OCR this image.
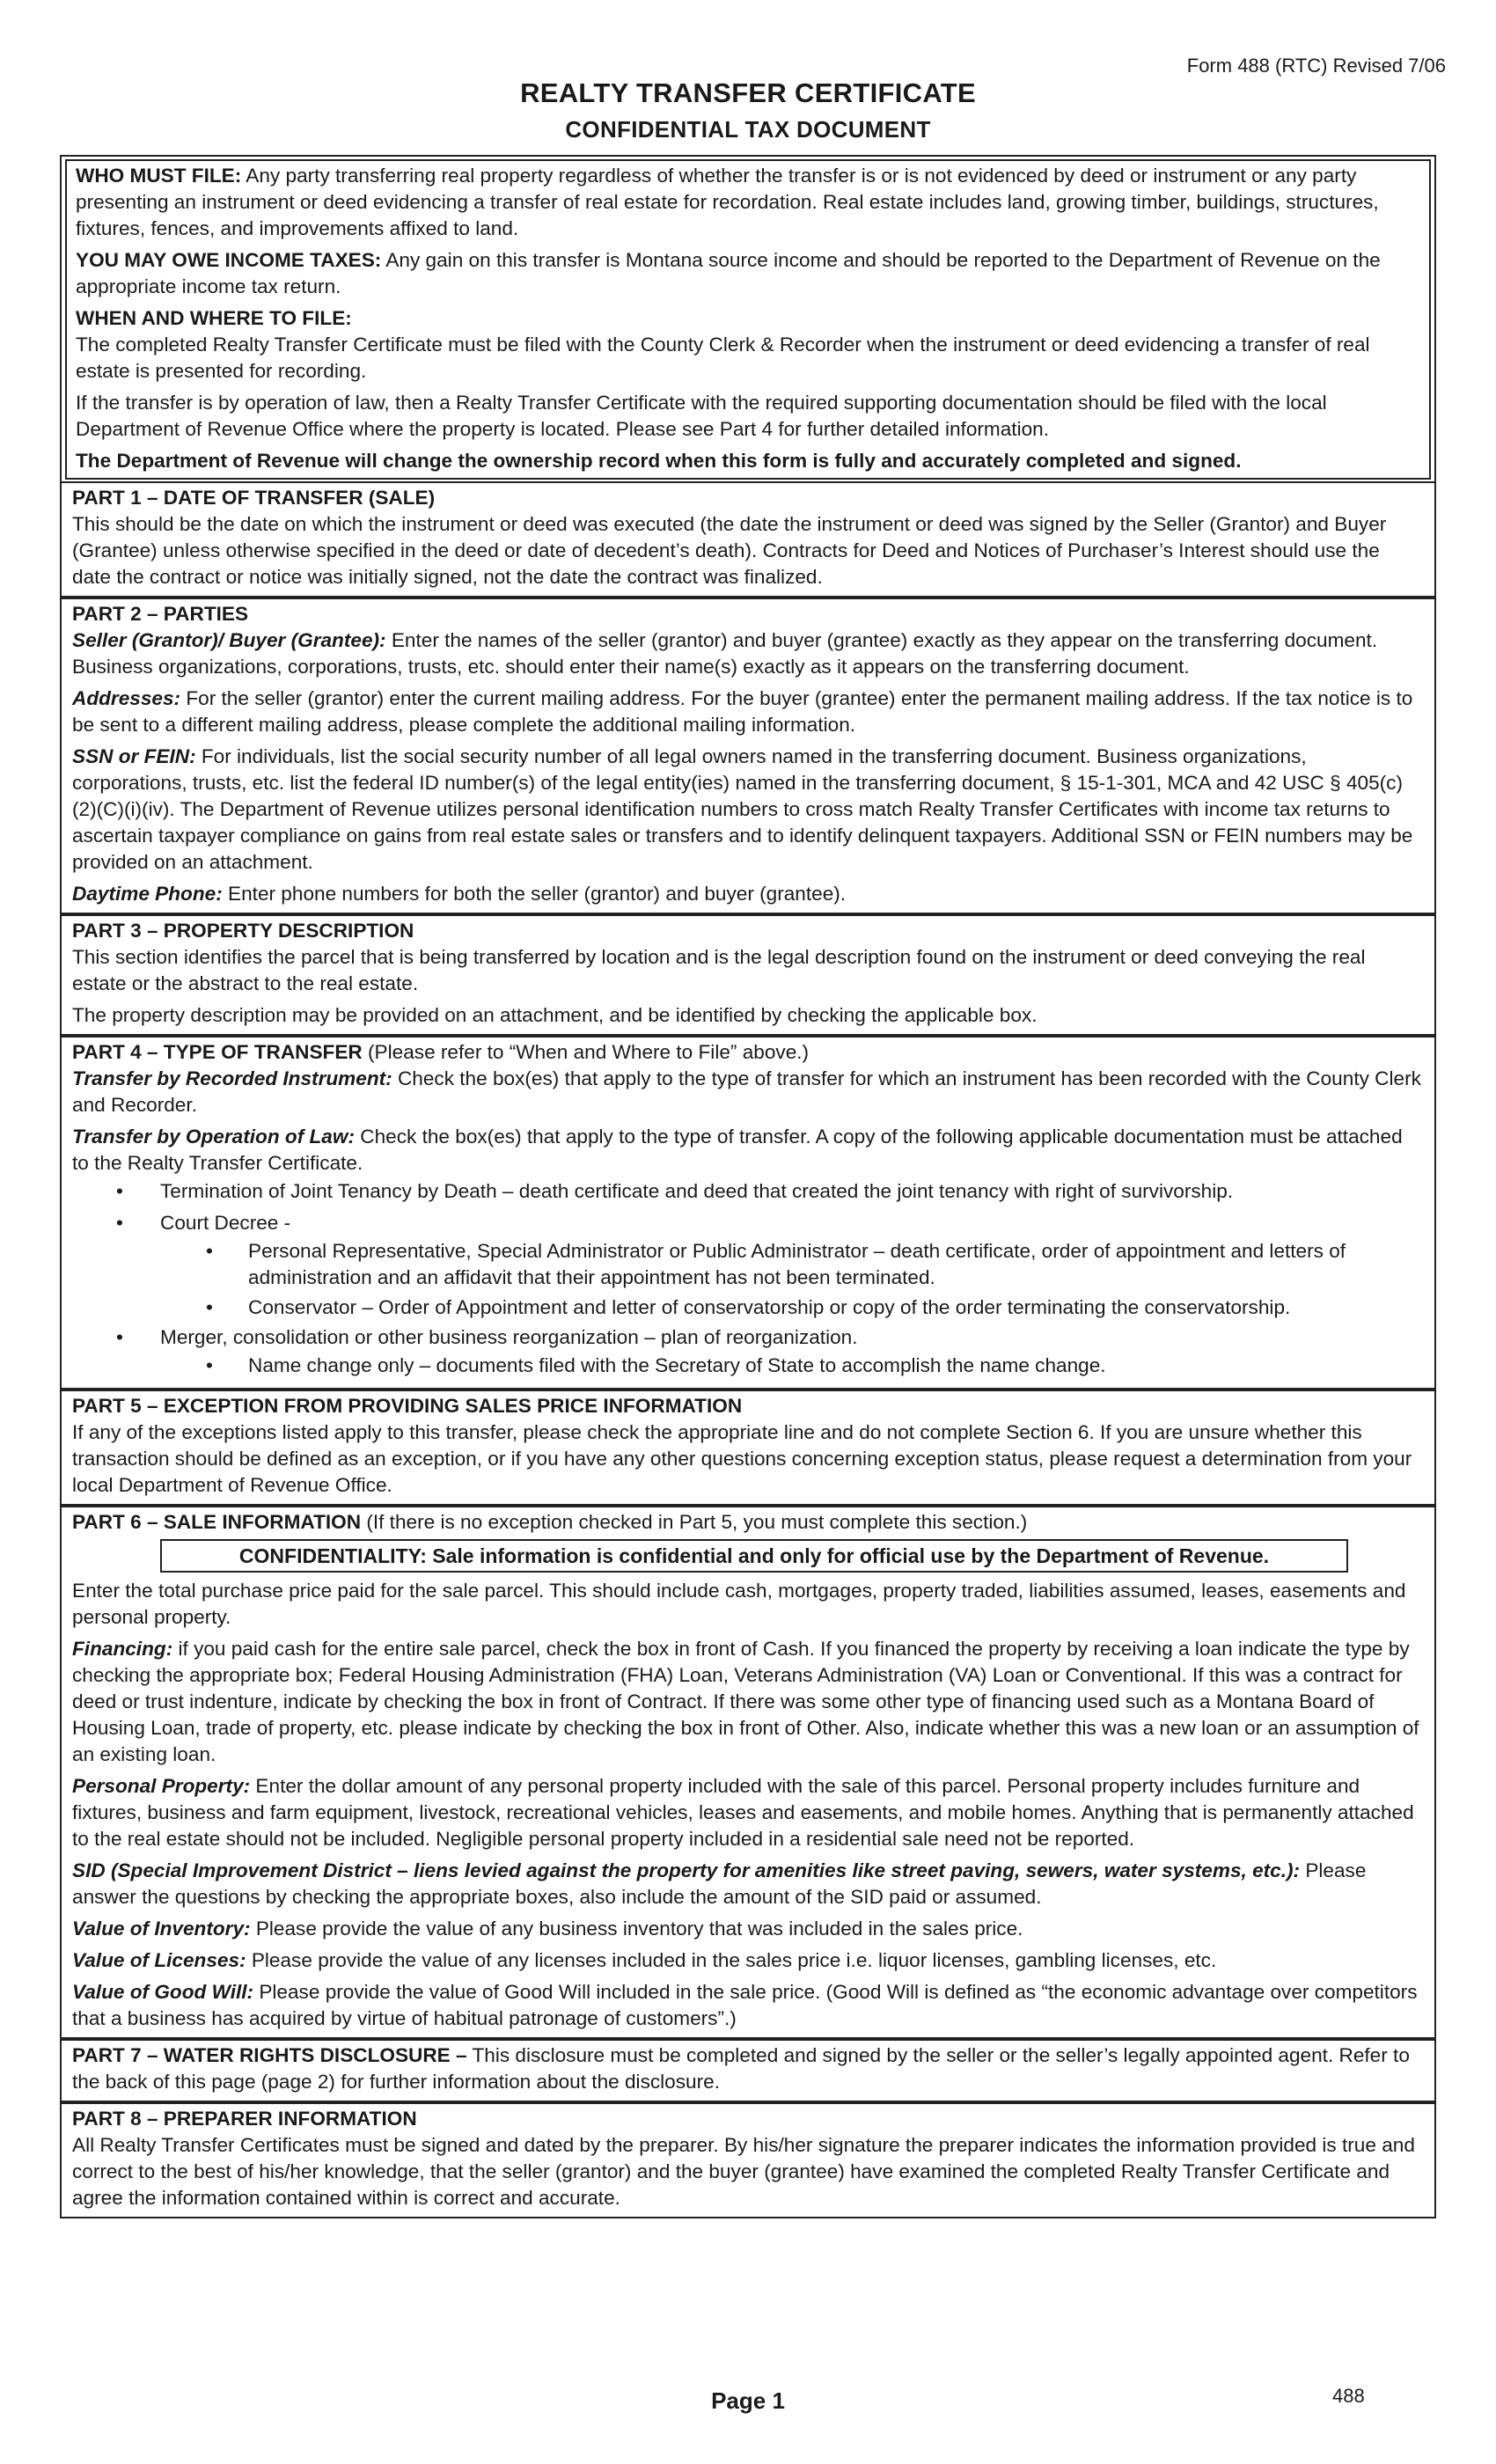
Form 488 (RTC) Revised 7/06
REALTY TRANSFER CERTIFICATE
CONFIDENTIAL TAX DOCUMENT

WHO MUST FILE: Any party transferring real property regardless of whether the transfer is or is not evidenced by deed or instrument or any party presenting an instrument or deed evidencing a transfer of real estate for recordation. Real estate includes land, growing timber, buildings, structures, fixtures, fences, and improvements affixed to land.

YOU MAY OWE INCOME TAXES: Any gain on this transfer is Montana source income and should be reported to the Department of Revenue on the appropriate income tax return.

WHEN AND WHERE TO FILE:

The completed Realty Transfer Certificate must be filed with the County Clerk & Recorder when the instrument or deed evidencing a transfer of real estate is presented for recording.

If the transfer is by operation of law, then a Realty Transfer Certificate with the required supporting documentation should be filed with the local Department of Revenue Office where the property is located. Please see Part 4 for further detailed information.

The Department of Revenue will change the ownership record when this form is fully and accurately completed and signed.

PART 1 – DATE OF TRANSFER (SALE)

This should be the date on which the instrument or deed was executed (the date the instrument or deed was signed by the Seller (Grantor) and Buyer (Grantee) unless otherwise specified in the deed or date of decedent’s death). Contracts for Deed and Notices of Purchaser’s Interest should use the date the contract or notice was initially signed, not the date the contract was finalized.

PART 2 – PARTIES

Seller (Grantor)/ Buyer (Grantee): Enter the names of the seller (grantor) and buyer (grantee) exactly as they appear on the transferring document. Business organizations, corporations, trusts, etc. should enter their name(s) exactly as it appears on the transferring document.

Addresses: For the seller (grantor) enter the current mailing address. For the buyer (grantee) enter the permanent mailing address. If the tax notice is to be sent to a different mailing address, please complete the additional mailing information.

SSN or FEIN: For individuals, list the social security number of all legal owners named in the transferring document. Business organizations, corporations, trusts, etc. list the federal ID number(s) of the legal entity(ies) named in the transferring document, § 15-1-301, MCA and 42 USC § 405(c)(2)(C)(i)(iv). The Department of Revenue utilizes personal identification numbers to cross match Realty Transfer Certificates with income tax returns to ascertain taxpayer compliance on gains from real estate sales or transfers and to identify delinquent taxpayers. Additional SSN or FEIN numbers may be provided on an attachment.

Daytime Phone: Enter phone numbers for both the seller (grantor) and buyer (grantee).

PART 3 – PROPERTY DESCRIPTION

This section identifies the parcel that is being transferred by location and is the legal description found on the instrument or deed conveying the real estate or the abstract to the real estate.

The property description may be provided on an attachment, and be identified by checking the applicable box.

PART 4 – TYPE OF TRANSFER (Please refer to “When and Where to File” above.)

Transfer by Recorded Instrument: Check the box(es) that apply to the type of transfer for which an instrument has been recorded with the County Clerk and Recorder.

Transfer by Operation of Law: Check the box(es) that apply to the type of transfer. A copy of the following applicable documentation must be attached to the Realty Transfer Certificate.

• Termination of Joint Tenancy by Death – death certificate and deed that created the joint tenancy with right of survivorship.
• Court Decree -
• Personal Representative, Special Administrator or Public Administrator – death certificate, order of appointment and letters of administration and an affidavit that their appointment has not been terminated.
• Conservator – Order of Appointment and letter of conservatorship or copy of the order terminating the conservatorship.
• Merger, consolidation or other business reorganization – plan of reorganization.
• Name change only – documents filed with the Secretary of State to accomplish the name change.
PART 5 – EXCEPTION FROM PROVIDING SALES PRICE INFORMATION

If any of the exceptions listed apply to this transfer, please check the appropriate line and do not complete Section 6. If you are unsure whether this transaction should be defined as an exception, or if you have any other questions concerning exception status, please request a determination from your local Department of Revenue Office.

PART 6 – SALE INFORMATION (If there is no exception checked in Part 5, you must complete this section.)
CONFIDENTIALITY: Sale information is confidential and only for official use by the Department of Revenue.

Enter the total purchase price paid for the sale parcel. This should include cash, mortgages, property traded, liabilities assumed, leases, easements and personal property.

Financing: if you paid cash for the entire sale parcel, check the box in front of Cash. If you financed the property by receiving a loan indicate the type by checking the appropriate box; Federal Housing Administration (FHA) Loan, Veterans Administration (VA) Loan or Conventional. If this was a contract for deed or trust indenture, indicate by checking the box in front of Contract. If there was some other type of financing used such as a Montana Board of Housing Loan, trade of property, etc. please indicate by checking the box in front of Other. Also, indicate whether this was a new loan or an assumption of an existing loan.

Personal Property: Enter the dollar amount of any personal property included with the sale of this parcel. Personal property includes furniture and fixtures, business and farm equipment, livestock, recreational vehicles, leases and easements, and mobile homes. Anything that is permanently attached to the real estate should not be included. Negligible personal property included in a residential sale need not be reported.

SID (Special Improvement District – liens levied against the property for amenities like street paving, sewers, water systems, etc.): Please answer the questions by checking the appropriate boxes, also include the amount of the SID paid or assumed.

Value of Inventory: Please provide the value of any business inventory that was included in the sales price.

Value of Licenses: Please provide the value of any licenses included in the sales price i.e. liquor licenses, gambling licenses, etc.

Value of Good Will: Please provide the value of Good Will included in the sale price. (Good Will is defined as “the economic advantage over competitors that a business has acquired by virtue of habitual patronage of customers”.)

PART 7 – WATER RIGHTS DISCLOSURE – This disclosure must be completed and signed by the seller or the seller’s legally appointed agent. Refer to the back of this page (page 2) for further information about the disclosure.

PART 8 – PREPARER INFORMATION

All Realty Transfer Certificates must be signed and dated by the preparer. By his/her signature the preparer indicates the information provided is true and correct to the best of his/her knowledge, that the seller (grantor) and the buyer (grantee) have examined the completed Realty Transfer Certificate and agree the information contained within is correct and accurate.

Page 1	488
